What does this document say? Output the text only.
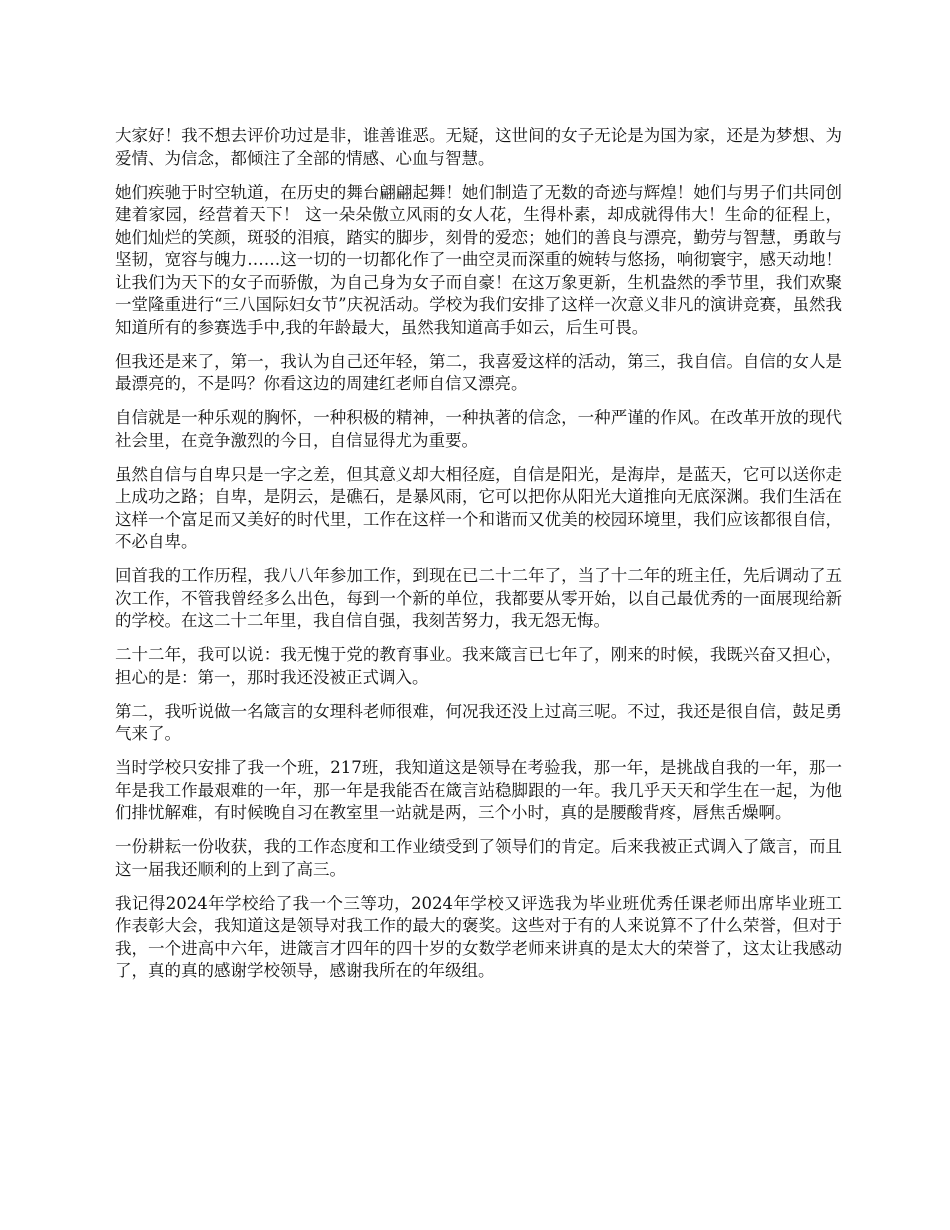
大家好！我不想去评价功过是非，谁善谁恶。无疑，这世间的女子无论是为国为家，还是为梦想、为爱情、为信念，都倾注了全部的情感、心血与智慧。

她们疾驰于时空轨道，在历史的舞台翩翩起舞！她们制造了无数的奇迹与辉煌！她们与男子们共同创建着家园，经营着天下！ 这一朵朵傲立风雨的女人花，生得朴素，却成就得伟大！生命的征程上，她们灿烂的笑颜，斑驳的泪痕，踏实的脚步，刻骨的爱恋；她们的善良与漂亮，勤劳与智慧，勇敢与坚韧，宽容与魄力……这一切的一切都化作了一曲空灵而深重的婉转与悠扬，响彻寰宇，感天动地！让我们为天下的女子而骄傲，为自己身为女子而自豪！在这万象更新，生机盎然的季节里，我们欢聚一堂隆重进行“三八国际妇女节”庆祝活动。学校为我们安排了这样一次意义非凡的演讲竞赛，虽然我知道所有的参赛选手中,我的年龄最大，虽然我知道高手如云，后生可畏。

但我还是来了，第一，我认为自己还年轻，第二，我喜爱这样的活动，第三，我自信。自信的女人是最漂亮的，不是吗？你看这边的周建红老师自信又漂亮。

自信就是一种乐观的胸怀，一种积极的精神，一种执著的信念，一种严谨的作风。在改革开放的现代社会里，在竞争激烈的今日，自信显得尤为重要。

虽然自信与自卑只是一字之差，但其意义却大相径庭，自信是阳光，是海岸，是蓝天，它可以送你走上成功之路；自卑，是阴云，是礁石，是暴风雨，它可以把你从阳光大道推向无底深渊。我们生活在这样一个富足而又美好的时代里，工作在这样一个和谐而又优美的校园环境里，我们应该都很自信，不必自卑。

回首我的工作历程，我八八年参加工作，到现在已二十二年了，当了十二年的班主任，先后调动了五次工作，不管我曾经多么出色，每到一个新的单位，我都要从零开始，以自己最优秀的一面展现给新的学校。在这二十二年里，我自信自强，我刻苦努力，我无怨无悔。

二十二年，我可以说：我无愧于党的教育事业。我来箴言已七年了，刚来的时候，我既兴奋又担心，担心的是：第一，那时我还没被正式调入。

第二，我听说做一名箴言的女理科老师很难，何况我还没上过高三呢。不过，我还是很自信，鼓足勇气来了。

当时学校只安排了我一个班，217班，我知道这是领导在考验我，那一年，是挑战自我的一年，那一年是我工作最艰难的一年，那一年是我能否在箴言站稳脚跟的一年。我几乎天天和学生在一起，为他们排忧解难，有时候晚自习在教室里一站就是两，三个小时，真的是腰酸背疼，唇焦舌燥啊。

一份耕耘一份收获，我的工作态度和工作业绩受到了领导们的肯定。后来我被正式调入了箴言，而且这一届我还顺利的上到了高三。

我记得2024年学校给了我一个三等功，2024年学校又评选我为毕业班优秀任课老师出席毕业班工作表彰大会，我知道这是领导对我工作的最大的褒奖。这些对于有的人来说算不了什么荣誉，但对于我，一个进高中六年，进箴言才四年的四十岁的女数学老师来讲真的是太大的荣誉了，这太让我感动了，真的真的感谢学校领导，感谢我所在的年级组。
